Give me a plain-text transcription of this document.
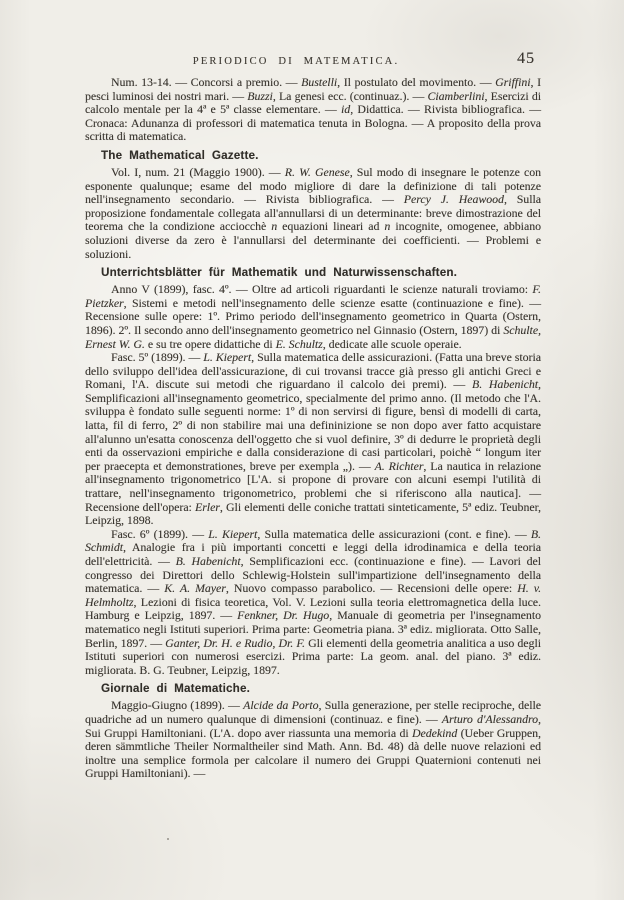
PERIODICO DI MATEMATICA.	45

Num. 13-14. — Concorsi a premio. — Bustelli, Il postulato del movimento. — Griffini, I pesci luminosi dei nostri mari. — Buzzi, La genesi ecc. (continuaz.). — Ciamberlini, Esercizi di calcolo mentale per la 4ª e 5ª classe elementare. — id, Didattica. — Rivista bibliografica. — Cronaca: Adunanza di professori di matematica tenuta in Bologna. — A proposito della prova scritta di matematica.

The Mathematical Gazette.

Vol. I, num. 21 (Maggio 1900). — R. W. Genese, Sul modo di insegnare le potenze con esponente qualunque; esame del modo migliore di dare la definizione di tali potenze nell'insegnamento secondario. — Rivista bibliografica. — Percy J. Heawood, Sulla proposizione fondamentale collegata all'annullarsi di un determinante: breve dimostrazione del teorema che la condizione acciocchè n equazioni lineari ad n incognite, omogenee, abbiano soluzioni diverse da zero è l'annullarsi del determinante dei coefficienti. — Problemi e soluzioni.

Unterrichtsblätter für Mathematik und Naturwissenschaften.

Anno V (1899), fasc. 4º. — Oltre ad articoli riguardanti le scienze naturali troviamo: F. Pietzker, Sistemi e metodi nell'insegnamento delle scienze esatte (continuazione e fine). — Recensione sulle opere: 1º. Primo periodo dell'insegnamento geometrico in Quarta (Ostern, 1896). 2º. Il secondo anno dell'insegnamento geometrico nel Ginnasio (Ostern, 1897) di Schulte, Ernest W. G. e su tre opere didattiche di E. Schultz, dedicate alle scuole operaie.

Fasc. 5º (1899). — L. Kiepert, Sulla matematica delle assicurazioni. (Fatta una breve storia dello sviluppo dell'idea dell'assicurazione, di cui trovansi tracce già presso gli antichi Greci e Romani, l'A. discute sui metodi che riguardano il calcolo dei premi). — B. Habenicht, Semplificazioni all'insegnamento geometrico, specialmente del primo anno. (Il metodo che l'A. sviluppa è fondato sulle seguenti norme: 1º di non servirsi di figure, bensì di modelli di carta, latta, fil di ferro, 2º di non stabilire mai una defininizione se non dopo aver fatto acquistare all'alunno un'esatta conoscenza dell'oggetto che si vuol definire, 3º di dedurre le proprietà degli enti da osservazioni empiriche e dalla considerazione di casi particolari, poichè “ longum iter per praecepta et demonstrationes, breve per exempla „). — A. Richter, La nautica in relazione all'insegnamento trigonometrico [L'A. si propone di provare con alcuni esempi l'utilità di trattare, nell'insegnamento trigonometrico, problemi che si riferiscono alla nautica]. — Recensione dell'opera: Erler, Gli elementi delle coniche trattati sinteticamente, 5ª ediz. Teubner, Leipzig, 1898.

Fasc. 6º (1899). — L. Kiepert, Sulla matematica delle assicurazioni (cont. e fine). — B. Schmidt, Analogie fra i più importanti concetti e leggi della idrodinamica e della teoria dell'elettricità. — B. Habenicht, Semplificazioni ecc. (continuazione e fine). — Lavori del congresso dei Direttori dello Schlewig-Holstein sull'impartizione dell'insegnamento della matematica. — K. A. Mayer, Nuovo compasso parabolico. — Recensioni delle opere: H. v. Helmholtz, Lezioni di fisica teoretica, Vol. V. Lezioni sulla teoria elettromagnetica della luce. Hamburg e Leipzig, 1897. — Fenkner, Dr. Hugo, Manuale di geometria per l'insegnamento matematico negli Istituti superiori. Prima parte: Geometria piana. 3ª ediz. migliorata. Otto Salle, Berlin, 1897. — Ganter, Dr. H. e Rudio, Dr. F. Gli elementi della geometria analitica a uso degli Istituti superiori con numerosi esercizi. Prima parte: La geom. anal. del piano. 3ª ediz. migliorata. B. G. Teubner, Leipzig, 1897.

Giornale di Matematiche.

Maggio-Giugno (1899). — Alcide da Porto, Sulla generazione, per stelle reciproche, delle quadriche ad un numero qualunque di dimensioni (continuaz. e fine). — Arturo d'Alessandro, Sui Gruppi Hamiltoniani. (L'A. dopo aver riassunta una memoria di Dedekind (Ueber Gruppen, deren sämmtliche Theiler Normaltheiler sind Math. Ann. Bd. 48) dà delle nuove relazioni ed inoltre una semplice formola per calcolare il numero dei Gruppi Quaternioni contenuti nei Gruppi Hamiltoniani). —
